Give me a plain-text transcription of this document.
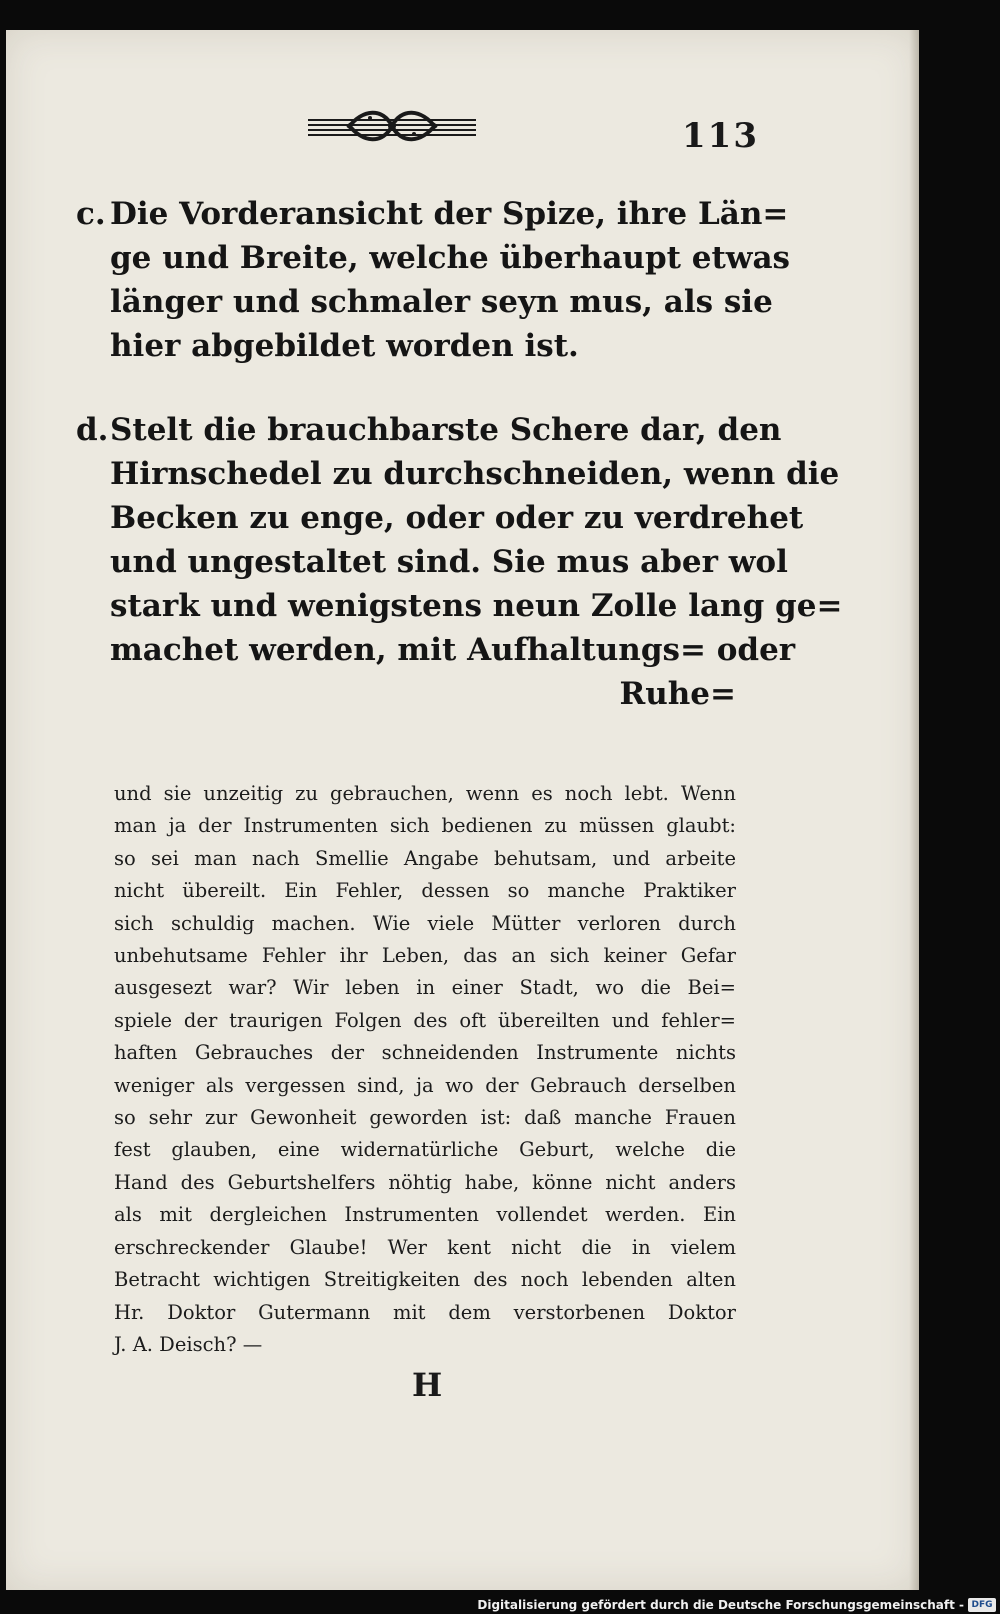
113
c. Die Vorderansicht der Spize, ihre Län=
ge und Breite, welche überhaupt etwas
länger und schmaler seyn mus, als sie
hier abgebildet worden ist.
d.Stelt die brauchbarste Schere dar, den
Hirnschedel zu durchschneiden, wenn die
Becken zu enge, oder oder zu verdrehet
und ungestaltet sind. Sie mus aber wol
stark und wenigstens neun Zolle lang ge=
machet werden, mit Aufhaltungs= oder
Ruhe=
und sie unzeitig zu gebrauchen, wenn es noch lebt. Wenn
man ja der Instrumenten sich bedienen zu müssen glaubt:
so sei man nach Smellie Angabe behutsam, und arbeite
nicht übereilt. Ein Fehler, dessen so manche Praktiker
sich schuldig machen. Wie viele Mütter verloren durch
unbehutsame Fehler ihr Leben, das an sich keiner Gefar
ausgesezt war? Wir leben in einer Stadt, wo die Bei=
spiele der traurigen Folgen des oft übereilten und fehler=
haften Gebrauches der schneidenden Instrumente nichts
weniger als vergessen sind, ja wo der Gebrauch derselben
so sehr zur Gewonheit geworden ist: daß manche Frauen
fest glauben, eine widernatürliche Geburt, welche die
Hand des Geburtshelfers nöhtig habe, könne nicht anders
als mit dergleichen Instrumenten vollendet werden. Ein
erschreckender Glaube! Wer kent nicht die in vielem
Betracht wichtigen Streitigkeiten des noch lebenden alten
Hr. Doktor Gutermann mit dem verstorbenen Doktor
J. A. Deisch? —
H
Digitalisierung gefördert durch die Deutsche Forschungsgemeinschaft - DFG
